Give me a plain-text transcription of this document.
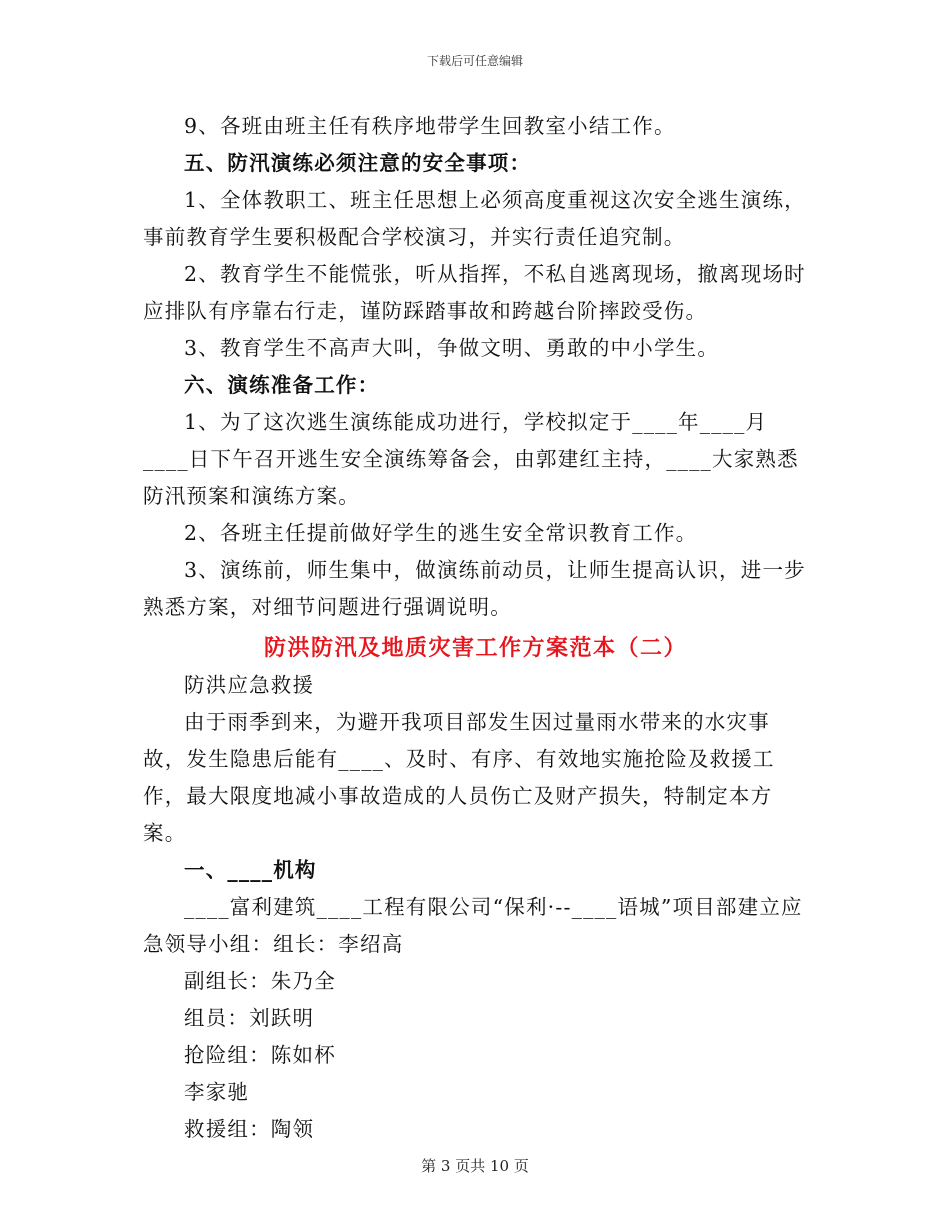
下载后可任意编辑

9、各班由班主任有秩序地带学生回教室小结工作。

五、防汛演练必须注意的安全事项：

1、全体教职工、班主任思想上必须高度重视这次安全逃生演练，事前教育学生要积极配合学校演习，并实行责任追究制。

2、教育学生不能慌张，听从指挥，不私自逃离现场，撤离现场时应排队有序靠右行走，谨防踩踏事故和跨越台阶摔跤受伤。

3、教育学生不高声大叫，争做文明、勇敢的中小学生。

六、演练准备工作：

1、为了这次逃生演练能成功进行，学校拟定于____年____月____日下午召开逃生安全演练筹备会，由郭建红主持，____大家熟悉防汛预案和演练方案。

2、各班主任提前做好学生的逃生安全常识教育工作。

3、演练前，师生集中，做演练前动员，让师生提高认识，进一步熟悉方案，对细节问题进行强调说明。

防洪防汛及地质灾害工作方案范本（二）

防洪应急救援

由于雨季到来，为避开我项目部发生因过量雨水带来的水灾事故，发生隐患后能有____、及时、有序、有效地实施抢险及救援工作，最大限度地减小事故造成的人员伤亡及财产损失，特制定本方案。

一、____机构

____富利建筑____工程有限公司“保利·--____语城”项目部建立应急领导小组：组长：李绍高

副组长：朱乃全

组员：刘跃明

抢险组：陈如杯

李家驰

救援组：陶领

第 3 页共 10 页
